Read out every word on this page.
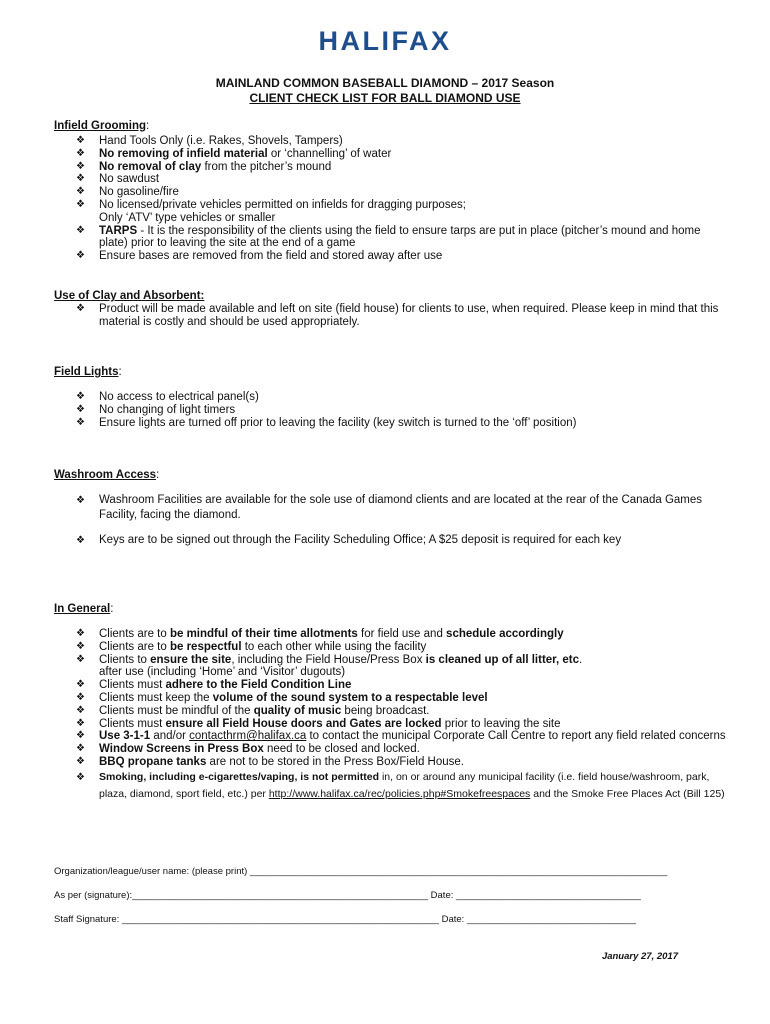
HALIFAX
MAINLAND COMMON BASEBALL DIAMOND – 2017 Season
CLIENT CHECK LIST FOR BALL DIAMOND USE
Infield Grooming:
❖ Hand Tools Only (i.e. Rakes, Shovels, Tampers)
❖ No removing of infield material or ‘channelling’ of water
❖ No removal of clay from the pitcher’s mound
❖ No sawdust
❖ No gasoline/fire
❖ No licensed/private vehicles permitted on infields for dragging purposes;
Only ‘ATV’ type vehicles or smaller
❖ TARPS - It is the responsibility of the clients using the field to ensure tarps are put in place (pitcher’s mound and home plate) prior to leaving the site at the end of a game
❖ Ensure bases are removed from the field and stored away after use
Use of Clay and Absorbent:
❖ Product will be made available and left on site (field house) for clients to use, when required. Please keep in mind that this material is costly and should be used appropriately.
Field Lights:
❖ No access to electrical panel(s)
❖ No changing of light timers
❖ Ensure lights are turned off prior to leaving the facility (key switch is turned to the ‘off’ position)
Washroom Access:
❖ Washroom Facilities are available for the sole use of diamond clients and are located at the rear of the Canada Games Facility, facing the diamond.
❖ Keys are to be signed out through the Facility Scheduling Office; A $25 deposit is required for each key
In General:
❖ Clients are to be mindful of their time allotments for field use and schedule accordingly
❖ Clients are to be respectful to each other while using the facility
❖ Clients to ensure the site, including the Field House/Press Box is cleaned up of all litter, etc.
after use (including ‘Home’ and ‘Visitor’ dugouts)
❖ Clients must adhere to the Field Condition Line
❖ Clients must keep the volume of the sound system to a respectable level
❖ Clients must be mindful of the quality of music being broadcast.
❖ Clients must ensure all Field House doors and Gates are locked prior to leaving the site
❖ Use 3-1-1 and/or contacthrm@halifax.ca to contact the municipal Corporate Call Centre to report any field related concerns
❖ Window Screens in Press Box need to be closed and locked.
❖ BBQ propane tanks are not to be stored in the Press Box/Field House.
❖ Smoking, including e-cigarettes/vaping, is not permitted in, on or around any municipal facility (i.e. field house/washroom, park, plaza, diamond, sport field, etc.) per http://www.halifax.ca/rec/policies.php#Smokefreespaces and the Smoke Free Places Act (Bill 125)
Organization/league/user name: (please print) _______________________________________________________________________________
As per (signature):________________________________________________________ Date: ___________________________________
Staff Signature: ____________________________________________________________ Date: ________________________________
January 27, 2017
